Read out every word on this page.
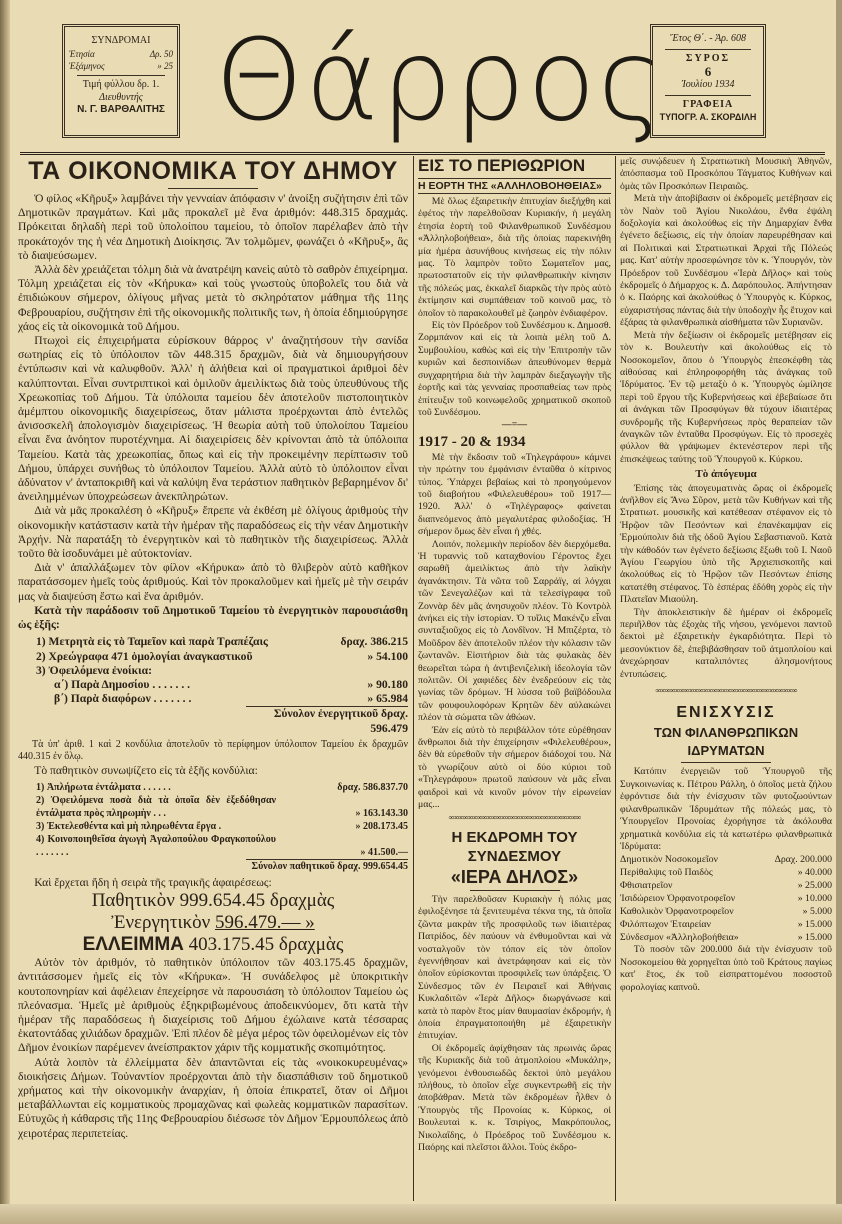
ΣΥΝΔΡΟΜΑΙ
Ἐτησία	Δρ. 50
Ἑξάμηνος	» 25
Τιμή φύλλου δρ. 1.
Διευθυντής
Ν. Γ. ΒΑΡΘΑΛΙΤΗΣ Θάρρος Ἔτος Θ΄. - Ἀρ. 608
ΣΥΡΟΣ
6
Ἰουλίου 1934
ΓΡΑΦΕΙΑ
ΤΥΠΟΓΡ. Α. ΣΚΟΡΔΙΛΗ
ΤΑ ΟΙΚΟΝΟΜΙΚΑ ΤΟΥ ΔΗΜΟΥ

Ὁ φίλος «Κῆρυξ» λαμβάνει τὴν γενναίαν ἀπόφασιν ν' ἀνοίξη συζήτησιν ἐπὶ τῶν Δημοτικῶν πραγμάτων. Καὶ μᾶς προκαλεῖ μὲ ἕνα ἀριθμόν: 448.315 δραχμάς. Πρόκειται δηλαδὴ περὶ τοῦ ὑπολοίπου ταμείου, τὸ ὁποῖον παρέλαβεν ἀπὸ τὴν προκάτοχόν της ἡ νέα Δημοτικὴ Διοίκησις. Ἂν τολμῶμεν, φωνάζει ὁ «Κῆρυξ», ἂς τὸ διαψεύσωμεν.

Ἀλλὰ δὲν χρειάζεται τόλμη διὰ νὰ ἀνατρέψη κανεὶς αὐτὸ τὸ σαθρὸν ἐπιχείρημα. Τόλμη χρειάζεται εἰς τὸν «Κήρυκα» καὶ τοὺς γνωστοὺς ὑποβολεῖς του διὰ νὰ ἐπιδιώκουν σήμερον, ὀλίγους μῆνας μετὰ τὸ σκληρότατον μάθημα τῆς 11ης Φεβρουαρίου, συζήτησιν ἐπὶ τῆς οἰκονομικῆς πολιτικῆς των, ἡ ὁποία ἐδημιούργησε χάος εἰς τὰ οἰκονομικὰ τοῦ Δήμου.

Πτωχοὶ εἰς ἐπιχειρήματα εὑρίσκουν θάρρος ν' ἀναζητήσουν τὴν σανίδα σωτηρίας εἰς τὸ ὑπόλοιπον τῶν 448.315 δραχμῶν, διὰ νὰ δημιουργήσουν ἐντύπωσιν καὶ νὰ καλυφθοῦν. Ἀλλ' ἡ ἀλήθεια καὶ οἱ πραγματικοὶ ἀριθμοὶ δὲν καλύπτονται. Εἶναι συντριπτικοὶ καὶ ὁμιλοῦν ἀμειλίκτως διὰ τοὺς ὑπευθύνους τῆς Χρεωκοπίας τοῦ Δήμου. Τὰ ὑπόλοιπα ταμείου δὲν ἀποτελοῦν πιστοποιητικὸν ἀμέμπτου οἰκονομικῆς διαχειρίσεως, ὅταν μάλιστα προέρχωνται ἀπὸ ἐντελῶς ἀνισοσκελῆ ἀπολογισμὸν διαχειρίσεως. Ἡ θεωρία αὐτὴ τοῦ ὑπολοίπου Ταμείου εἶναι ἕνα ἀνόητον πυροτέχνημα. Αἱ διαχειρίσεις δὲν κρίνονται ἀπὸ τὰ ὑπόλοιπα Ταμείου. Κατὰ τὰς χρεωκοπίας, ὅπως καὶ εἰς τὴν προκειμένην περίπτωσιν τοῦ Δήμου, ὑπάρχει συνήθως τὸ ὑπόλοιπον Ταμείου. Ἀλλὰ αὐτὸ τὸ ὑπόλοιπον εἶναι ἀδύνατον ν' ἀνταποκριθῆ καὶ νὰ καλύψη ἕνα τεράστιον παθητικὸν βεβαρημένον δι' ἀνειλημμένων ὑποχρεώσεων ἀνεκπληρώτων.

Διὰ νὰ μᾶς προκαλέση ὁ «Κῆρυξ» ἔπρεπε νὰ ἐκθέση μὲ ὀλίγους ἀριθμοὺς τὴν οἰκονομικὴν κατάστασιν κατὰ τὴν ἡμέραν τῆς παραδόσεως εἰς τὴν νέαν Δημοτικὴν Ἀρχήν. Νὰ παρατάξη τὸ ἐνεργητικὸν καὶ τὸ παθητικὸν τῆς διαχειρίσεως. Ἀλλὰ τοῦτο θὰ ἰσοδυνάμει μὲ αὐτοκτονίαν.

Διὰ ν' ἀπαλλάξωμεν τὸν φίλον «Κήρυκα» ἀπὸ τὸ θλιβερὸν αὐτὸ καθῆκον παρατάσσομεν ἡμεῖς τοὺς ἀριθμούς. Καὶ τὸν προκαλοῦμεν καὶ ἡμεῖς μὲ τὴν σειράν μας νὰ διαψεύση ἔστω καὶ ἕνα ἀριθμόν.

Κατὰ τὴν παράδοσιν τοῦ Δημοτικοῦ Ταμείου τὸ ἐνεργητικὸν παρουσιάσθη ὡς ἑξῆς:

1) Μετρητὰ εἰς τὸ Ταμεῖον καὶ παρὰ Τραπέζαις	δραχ. 386.215
2) Χρεώγραφα 471 ὁμολογίαι ἀναγκαστικοῦ	» 54.100
3) Ὀφειλόμενα ἐνοίκια:
α΄) Παρὰ Δημοσίου . . . . . . .	» 90.180
β΄) Παρὰ διαφόρων . . . . . . .	» 65.984
Σύνολον ἐνεργητικοῦ δραχ. 596.479

Τὰ ὑπ' ἀριθ. 1 καὶ 2 κονδύλια ἀποτελοῦν τὸ περίφημον ὑπόλοιπον Ταμείου ἐκ δραχμῶν 440.315 ἐν ὅλῳ.

Τὸ παθητικὸν συνωψίζετο εἰς τὰ ἑξῆς κονδύλια:

1) Ἀπλήρωτα ἐντάλματα . . . . . .	δραχ. 586.837.70
2) Ὀφειλόμενα ποσὰ διὰ τὰ ὁποῖα δὲν ἐξεδόθησαν ἐντάλματα πρὸς πληρωμὴν . . .	» 163.143.30
3) Ἐκτελεσθέντα καὶ μὴ πληρωθέντα ἔργα .	» 208.173.45
4) Κοινοποιηθεῖσα ἀγωγὴ Ἀγαλοπούλου Φραγκοπούλου . . . . . . .	» 41.500.—
Σύνολον παθητικοῦ δραχ. 999.654.45

Καὶ ἔρχεται ἤδη ἡ σειρὰ τῆς τραγικῆς ἀφαιρέσεως:

Παθητικὸν 999.654.45 δραχμὰς
Ἐνεργητικὸν 596.479.— »
ΕΛΛΕΙΜΜΑ 403.175.45 δραχμὰς

Αὐτὸν τὸν ἀριθμόν, τὸ παθητικὸν ὑπόλοιπον τῶν 403.175.45 δραχμῶν, ἀντιτάσσομεν ἡμεῖς εἰς τὸν «Κήρυκα». Ἡ συνάδελφος μὲ ὑποκριτικὴν κουτοπονηρίαν καὶ ἀφέλειαν ἐπεχείρησε νὰ παρουσιάση τὸ ὑπόλοιπον Ταμείου ὡς πλεόνασμα. Ἡμεῖς μὲ ἀριθμοὺς ἐξηκριβωμένους ἀποδεικνύομεν, ὅτι κατὰ τὴν ἡμέραν τῆς παραδόσεως ἡ διαχείρισις τοῦ Δήμου ἐχώλαινε κατὰ τέσσαρας ἑκατοντάδας χιλιάδων δραχμῶν. Ἐπὶ πλέον δὲ μέγα μέρος τῶν ὀφειλομένων εἰς τὸν Δῆμον ἐνοικίων παρέμενεν ἀνείσπρακτον χάριν τῆς κομματικῆς σκοπιμότητος.

Αὐτὰ λοιπὸν τὰ ἐλλείμματα δὲν ἀπαντῶνται εἰς τὰς «νοικοκυρευμένας» διοικήσεις Δήμων. Τοὐναντίον προέρχονται ἀπὸ τὴν διασπάθισιν τοῦ δημοτικοῦ χρήματος καὶ τὴν οἰκονομικὴν ἀναρχίαν, ἡ ὁποία ἐπικρατεῖ, ὅταν οἱ Δῆμοι μεταβάλλωνται εἰς κομματικοὺς προμαχῶνας καὶ φωλεὰς κομματικῶν παρασίτων. Εὐτυχῶς ἡ κάθαρσις τῆς 11ης Φεβρουαρίου διέσωσε τὸν Δῆμον Ἑρμουπόλεως ἀπὸ χειροτέρας περιπετείας.

ΕΙΣ ΤΟ ΠΕΡΙΘΩΡΙΟΝ
Η ΕΟΡΤΗ ΤΗΣ «ΑΛΛΗΛΟΒΟΗΘΕΙΑΣ»

Μὲ ὅλως ἐξαιρετικὴν ἐπιτυχίαν διεξήχθη καὶ ἐφέτος τὴν παρελθοῦσαν Κυριακήν, ἡ μεγάλη ἐτησία ἑορτὴ τοῦ Φιλανθρωπικοῦ Συνδέσμου «Ἀλληλοβοήθεια», διὰ τῆς ὁποίας παρεκινήθη μία ἡμέρα ἀσυνήθους κινήσεως εἰς τὴν πόλιν μας. Τὸ λαμπρὸν τοῦτο Σωματεῖον μας, πρωτοστατοῦν εἰς τὴν φιλανθρωπικὴν κίνησιν τῆς πόλεώς μας, ἐκκαλεῖ διαρκῶς τὴν πρὸς αὐτὸ ἐκτίμησιν καὶ συμπάθειαν τοῦ κοινοῦ μας, τὸ ὁποῖον τὸ παρακολουθεῖ μὲ ζωηρὸν ἐνδιαφέρον.

Εἰς τὸν Πρόεδρον τοῦ Συνδέσμου κ. Δημοσθ. Ζορμπάνον καὶ εἰς τὰ λοιπὰ μέλη τοῦ Δ. Συμβουλίου, καθὼς καὶ εἰς τὴν Ἐπιτροπὴν τῶν κυριῶν καὶ δεσποινίδων ἀπευθύνομεν θερμὰ συγχαρητήρια διὰ τὴν λαμπρὰν διεξαγωγὴν τῆς ἑορτῆς καὶ τὰς γενναίας προσπαθείας των πρὸς ἐπίτευξιν τοῦ κοινωφελοῦς χρηματικοῦ σκοποῦ τοῦ Συνδέσμου.

—=—
1917 - 20 & 1934

Μὲ τὴν ἔκδοσιν τοῦ «Τηλεγράφου» κάμνει τὴν πρώτην του ἐμφάνισιν ἐνταῦθα ὁ κίτρινος τύπος. Ὑπάρχει βεβαίως καὶ τὸ προηγούμενον τοῦ διαβοήτου «Φιλελευθέρου» τοῦ 1917—1920. Ἀλλ' ὁ «Τηλέγραφος» φαίνεται διαπνεόμενος ἀπὸ μεγαλυτέρας φιλοδοξίας. Ἡ σήμερον ὅμως δὲν εἶναι ἡ χθές.

Λοιπόν, πολεμικὴν περίοδον δὲν διερχόμεθα. Ἡ τυραννὶς τοῦ καταχθονίου Γέροντος ἔχει σαρωθῆ ἀμειλίκτως ἀπὸ τὴν λαϊκὴν ἀγανάκτησιν. Τὰ νῶτα τοῦ Σαρράϊγ, αἱ λόγχαι τῶν Σενεγαλέζων καὶ τὰ τελεσίγραφα τοῦ Ζοννὰρ δὲν μᾶς ἀνησυχοῦν πλέον. Τὸ Κοντρὸλ ἀνήκει εἰς τὴν ἱστορίαν. Ὁ τυῖλις Μακένζυ εἶναι συνταξιοῦχος εἰς τὸ Λονδῖνον. Ἡ Μπιζέρτα, τὸ Μοῦδρον δὲν ἀποτελοῦν πλέον τὴν κόλασιν τῶν ζωντανῶν. Εἰσιτήριον διὰ τὰς φυλακὰς δὲν θεωρεῖται τώρα ἡ ἀντιβενιζελικὴ ἰδεολογία τῶν πολιτῶν. Οἱ χαφιέδες δὲν ἐνεδρεύουν εἰς τὰς γωνίας τῶν δρόμων. Ἡ λύσσα τοῦ βαϊβόδουλα τῶν φουφουλοφόρων Κρητῶν δὲν αὐλακώνει πλέον τὰ σώματα τῶν ἀθώων.

Ἐὰν εἰς αὐτὸ τὸ περιβάλλον τότε εὑρέθησαν ἄνθρωποι διὰ τὴν ἐπιχείρησιν «Φιλελευθέρου», δὲν θὰ εὑρεθοῦν τὴν σήμερον διάδοχοί του. Νὰ τὸ γνωρίζουν αὐτὸ οἱ δύο κύριοι τοῦ «Τηλεγράφου» πρωτοῦ παύσουν νὰ μᾶς εἶναι φαιδροὶ καὶ νὰ κινοῦν μόνον τὴν εἰρωνείαν μας...

∞∞∞∞∞∞∞∞∞∞∞∞∞∞∞∞∞∞∞∞∞∞∞∞∞∞∞∞
Η ΕΚΔΡΟΜΗ ΤΟΥ ΣΥΝΔΕΣΜΟΥ
«ΙΕΡΑ ΔΗΛΟΣ»

Τὴν παρελθοῦσαν Κυριακὴν ἡ πόλις μας ἐφιλοξένησε τὰ ξενιτευμένα τέκνα της, τὰ ὁποῖα ζῶντα μακρὰν τῆς προσφιλοῦς των ἰδιαιτέρας Πατρίδος, δὲν παύουν νὰ ἐνθυμοῦνται καὶ νὰ νοσταλγοῦν τὸν τόπον εἰς τὸν ὁποῖον ἐγεννήθησαν καὶ ἀνετράφησαν καὶ εἰς τὸν ὁποῖον εὑρίσκονται προσφιλεῖς των ὑπάρξεις. Ὁ Σύνδεσμος τῶν ἐν Πειραιεῖ καὶ Ἀθήναις Κυκλαδιτῶν «Ἱερὰ Δῆλος» διωργάνωσε καὶ κατὰ τὸ παρὸν ἔτος μίαν θαυμασίαν ἐκδρομήν, ἡ ὁποία ἐπραγματοποιήθη μὲ ἐξαιρετικὴν ἐπιτυχίαν.

Οἱ ἐκδρομεῖς ἀφίχθησαν τὰς πρωινὰς ὥρας τῆς Κυριακῆς διὰ τοῦ ἀτμοπλοίου «Μυκάλη», γενόμενοι ἐνθουσιωδῶς δεκτοὶ ὑπὸ μεγάλου πλήθους, τὸ ὁποῖον εἶχε συγκεντρωθῆ εἰς τὴν ἀποβάθραν. Μετὰ τῶν ἐκδρομέων ἦλθεν ὁ Ὑπουργὸς τῆς Προνοίας κ. Κύρκος, οἱ Βουλευταὶ κ. κ. Τσιρίγος, Μακρόπουλος, Νικολαΐδης, ὁ Πρόεδρος τοῦ Συνδέσμου κ. Παόρης καὶ πλεῖστοι ἄλλοι. Τοὺς ἐκδρο-

μεῖς συνῴδευεν ἡ Στρατιωτικὴ Μουσικὴ Ἀθηνῶν, ἀπόσπασμα τοῦ Προσκόπου Τάγματος Κυθήνων καὶ ὁμὰς τῶν Προσκόπων Πειραιῶς.

Μετὰ τὴν ἀποβίβασιν οἱ ἐκδρομεῖς μετέβησαν εἰς τὸν Ναὸν τοῦ Ἁγίου Νικολάου, ἔνθα ἐψάλη δοξολογία καὶ ἀκολούθως εἰς τὴν Δημαρχίαν ἔνθα ἐγένετο δεξίωσις, εἰς τὴν ὁποίαν παρευρέθησαν καὶ αἱ Πολιτικαὶ καὶ Στρατιωτικαὶ Ἀρχαὶ τῆς Πόλεώς μας. Κατ' αὐτὴν προσεφώνησε τὸν κ. Ὑπουργόν, τὸν Πρόεδρον τοῦ Συνδέσμου «Ἱερὰ Δῆλος» καὶ τοὺς ἐκδρομεῖς ὁ Δήμαρχος κ. Δ. Δαρόπουλος. Ἀπήντησαν ὁ κ. Παόρης καὶ ἀκολούθως ὁ Ὑπουργὸς κ. Κύρκος, εὐχαριστήσας πάντας διὰ τὴν ὑποδοχὴν ἧς ἔτυχον καὶ ἐξάρας τὰ φιλανθρωπικὰ αἰσθήματα τῶν Συριανῶν.

Μετὰ τὴν δεξίωσιν οἱ ἐκδρομεῖς μετέβησαν εἰς τὸν κ. Βουλευτὴν καὶ ἀκολούθως εἰς τὸ Νοσοκομεῖον, ὅπου ὁ Ὑπουργὸς ἐπεσκέφθη τὰς αἰθούσας καὶ ἐπληροφορήθη τὰς ἀνάγκας τοῦ Ἱδρύματος. Ἐν τῷ μεταξὺ ὁ κ. Ὑπουργὸς ὡμίλησε περὶ τοῦ ἔργου τῆς Κυβερνήσεως καὶ ἐβεβαίωσε ὅτι αἱ ἀνάγκαι τῶν Προσφύγων θὰ τύχουν ἰδιαιτέρας συνδρομῆς τῆς Κυβερνήσεως πρὸς θεραπείαν τῶν ἀναγκῶν τῶν ἐνταῦθα Προσφύγων. Εἰς τὸ προσεχὲς φύλλον θὰ γράψωμεν ἐκτενέστερον περὶ τῆς ἐπισκέψεως ταύτης τοῦ Ὑπουργοῦ κ. Κύρκου.

Τὸ ἀπόγευμα

Ἐπίσης τὰς ἀπογευματινὰς ὥρας οἱ ἐκδρομεῖς ἀνῆλθον εἰς Ἄνω Σῦρον, μετὰ τῶν Κυθήνων καὶ τῆς Στρατιωτ. μουσικῆς καὶ κατέθεσαν στέφανον εἰς τὸ Ἡρῷον τῶν Πεσόντων καὶ ἐπανέκαμψαν εἰς Ἑρμούπολιν διὰ τῆς ὁδοῦ Ἁγίου Σεβαστιανοῦ. Κατὰ τὴν κάθοδόν των ἐγένετο δεξίωσις ἔξωθι τοῦ Ι. Ναοῦ Ἁγίου Γεωργίου ὑπὸ τῆς Ἀρχιεπισκοπῆς καὶ ἀκολούθως εἰς τὸ Ἡρῷον τῶν Πεσόντων ἐπίσης κατατέθη στέφανος. Τὸ ἑσπέρας ἐδόθη χορὸς εἰς τὴν Πλατεῖαν Μιαούλη.

Τὴν ἀποκλειστικὴν δὲ ἡμέραν οἱ ἐκδρομεῖς περιῆλθον τὰς ἐξοχὰς τῆς νήσου, γενόμενοι παντοῦ δεκτοὶ μὲ ἐξαιρετικὴν ἐγκαρδιότητα. Περὶ τὸ μεσονύκτιον δὲ, ἐπεβιβάσθησαν τοῦ ἀτμοπλοίου καὶ ἀνεχώρησαν καταλιπόντες ἀλησμονήτους ἐντυπώσεις.

∞∞∞∞∞∞∞∞∞∞∞∞∞∞∞∞∞∞∞∞∞∞∞∞∞∞∞∞∞∞
ΕΝΙΣΧΥΣΙΣ
ΤΩΝ ΦΙΛΑΝΘΡΩΠΙΚΩΝ ΙΔΡΥΜΑΤΩΝ

Κατόπιν ἐνεργειῶν τοῦ Ὑπουργοῦ τῆς Συγκοινωνίας κ. Πέτρου Ράλλη, ὁ ὁποῖος μετὰ ζήλου ἐφρόντισε διὰ τὴν ἐνίσχυσιν τῶν φυτοζωούντων φιλανθρωπικῶν Ἱδρυμάτων τῆς πόλεώς μας, τὸ Ὑπουργεῖον Προνοίας ἐχορήγησε τὰ ἀκόλουθα χρηματικὰ κονδύλια εἰς τὰ κατωτέρω φιλανθρωπικὰ Ἱδρύματα:

Δημοτικὸν Νοσοκομεῖον	Δραχ. 200.000
Περίθαλψις τοῦ Παιδὸς	» 40.000
Φθισιατρεῖον	» 25.000
Ἰσιδώρειον Ὀρφανοτροφεῖον	» 10.000
Καθολικὸν Ὀρφανοτροφεῖον	» 5.000
Φιλόπτωχον Ἑταιρείαν	» 15.000
Σύνδεσμον «Ἀλληλοβοήθεια»	» 15.000

Τὸ ποσὸν τῶν 200.000 διὰ τὴν ἐνίσχυσιν τοῦ Νοσοκομείου θὰ χορηγεῖται ὑπὸ τοῦ Κράτους παγίως κατ' ἔτος, ἐκ τοῦ εἰσπραττομένου ποσοστοῦ φορολογίας καπνοῦ.
